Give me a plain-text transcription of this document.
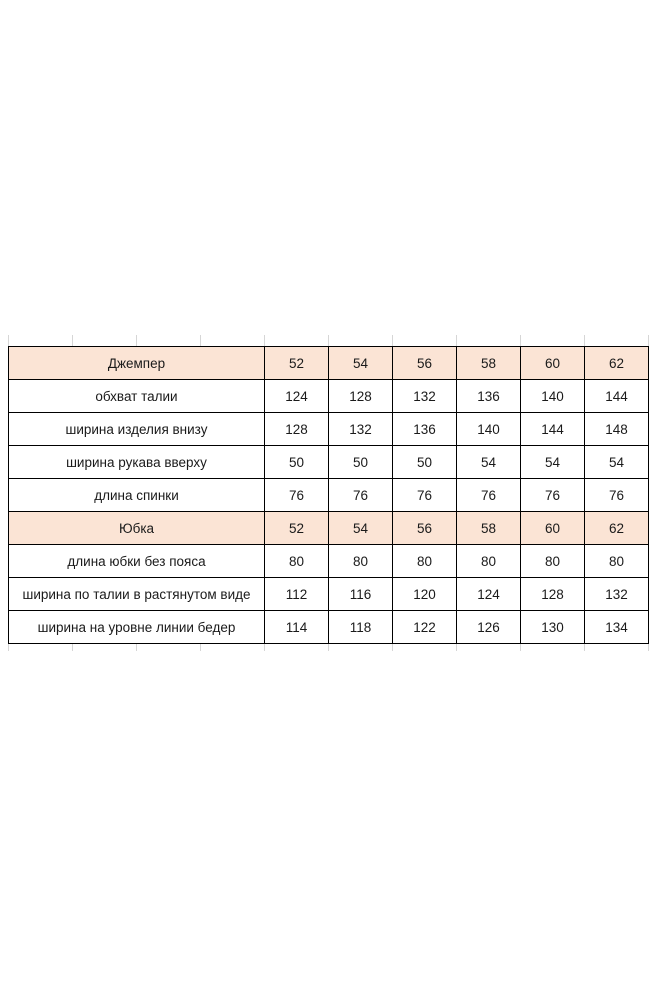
Джемпер	52	54	56	58	60	62
обхват талии	124	128	132	136	140	144
ширина изделия внизу	128	132	136	140	144	148
ширина рукава вверху	50	50	50	54	54	54
длина спинки	76	76	76	76	76	76
Юбка	52	54	56	58	60	62
длина юбки без пояса	80	80	80	80	80	80
ширина по талии в растянутом виде	112	116	120	124	128	132
ширина на уровне линии бедер	114	118	122	126	130	134
